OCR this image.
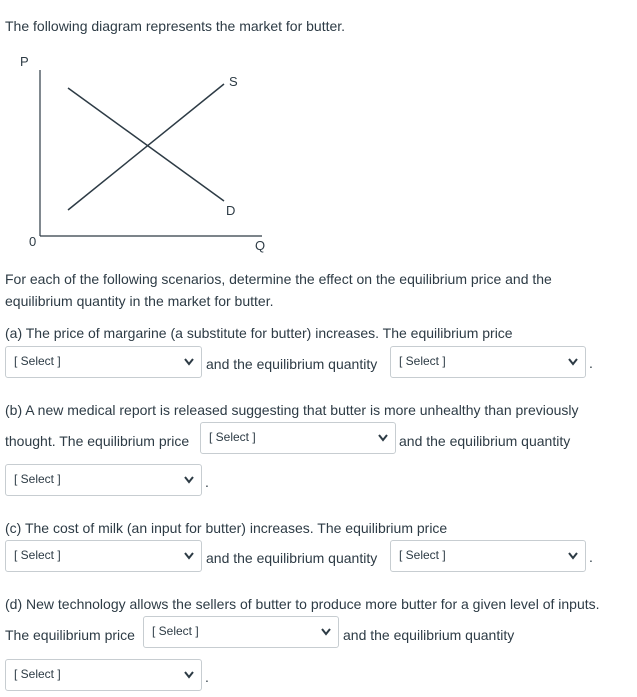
The following diagram represents the market for butter.
P
0	Q
S
D
For each of the following scenarios, determine the effect on the equilibrium price and the
equilibrium quantity in the market for butter.
(a) The price of margarine (a substitute for butter) increases. The equilibrium price
[ Select ]	and the equilibrium quantity [ Select ]	.
(b) A new medical report is released suggesting that butter is more unhealthy than previously
thought. The equilibrium price [ Select ]	and the equilibrium quantity
[ Select ]	.
(c) The cost of milk (an input for butter) increases. The equilibrium price
[ Select ]	and the equilibrium quantity [ Select ]	.
(d) New technology allows the sellers of butter to produce more butter for a given level of inputs.
The equilibrium price [ Select ]	and the equilibrium quantity
[ Select ]	.
